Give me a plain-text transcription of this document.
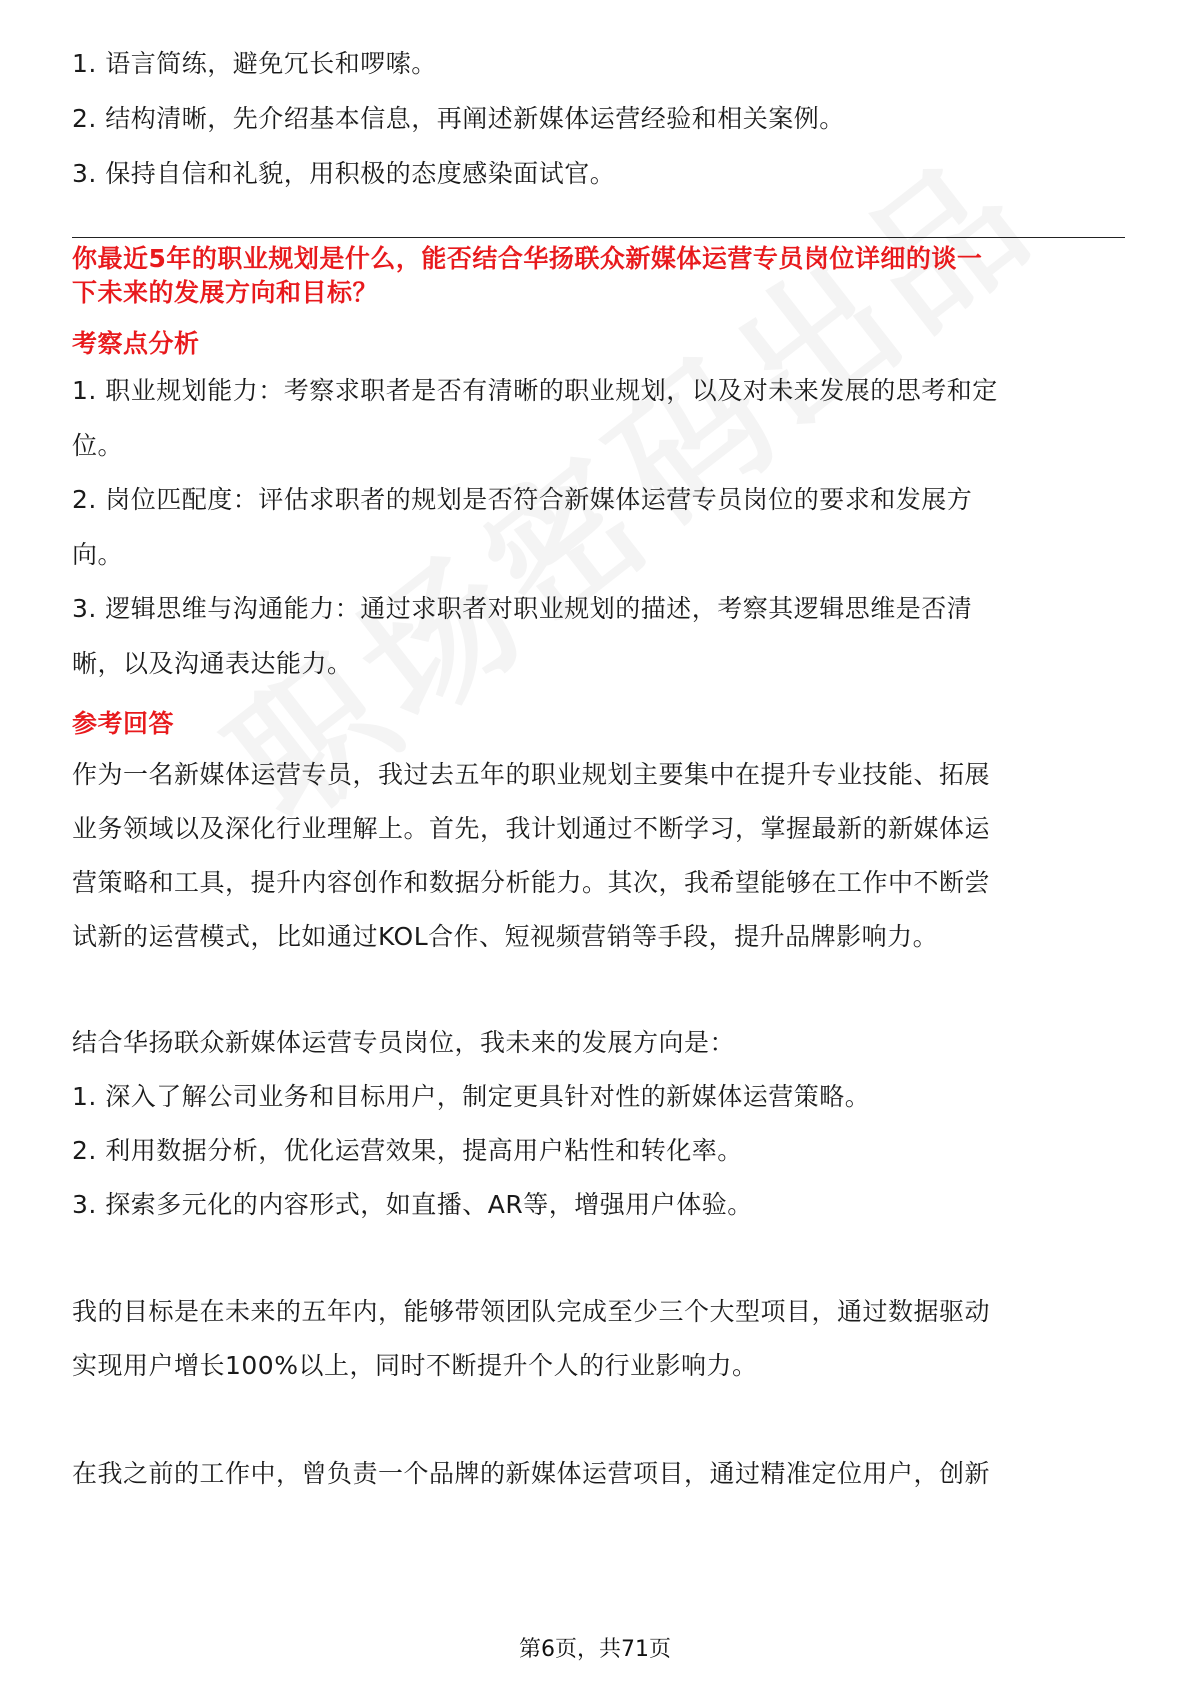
1. 语言简练，避免冗长和啰嗦。
2. 结构清晰，先介绍基本信息，再阐述新媒体运营经验和相关案例。
3. 保持自信和礼貌，用积极的态度感染面试官。
你最近5年的职业规划是什么，能否结合华扬联众新媒体运营专员岗位详细的谈一
下未来的发展方向和目标？
考察点分析
1. 职业规划能力：考察求职者是否有清晰的职业规划，以及对未来发展的思考和定
位。
2. 岗位匹配度：评估求职者的规划是否符合新媒体运营专员岗位的要求和发展方
向。
3. 逻辑思维与沟通能力：通过求职者对职业规划的描述，考察其逻辑思维是否清
晰，以及沟通表达能力。
参考回答
作为一名新媒体运营专员，我过去五年的职业规划主要集中在提升专业技能、拓展
业务领域以及深化行业理解上。首先，我计划通过不断学习，掌握最新的新媒体运
营策略和工具，提升内容创作和数据分析能力。其次，我希望能够在工作中不断尝
试新的运营模式，比如通过KOL合作、短视频营销等手段，提升品牌影响力。
结合华扬联众新媒体运营专员岗位，我未来的发展方向是：
1. 深入了解公司业务和目标用户，制定更具针对性的新媒体运营策略。
2. 利用数据分析，优化运营效果，提高用户粘性和转化率。
3. 探索多元化的内容形式，如直播、AR等，增强用户体验。
我的目标是在未来的五年内，能够带领团队完成至少三个大型项目，通过数据驱动
实现用户增长100%以上，同时不断提升个人的行业影响力。
在我之前的工作中，曾负责一个品牌的新媒体运营项目，通过精准定位用户，创新
第6页，共71页
